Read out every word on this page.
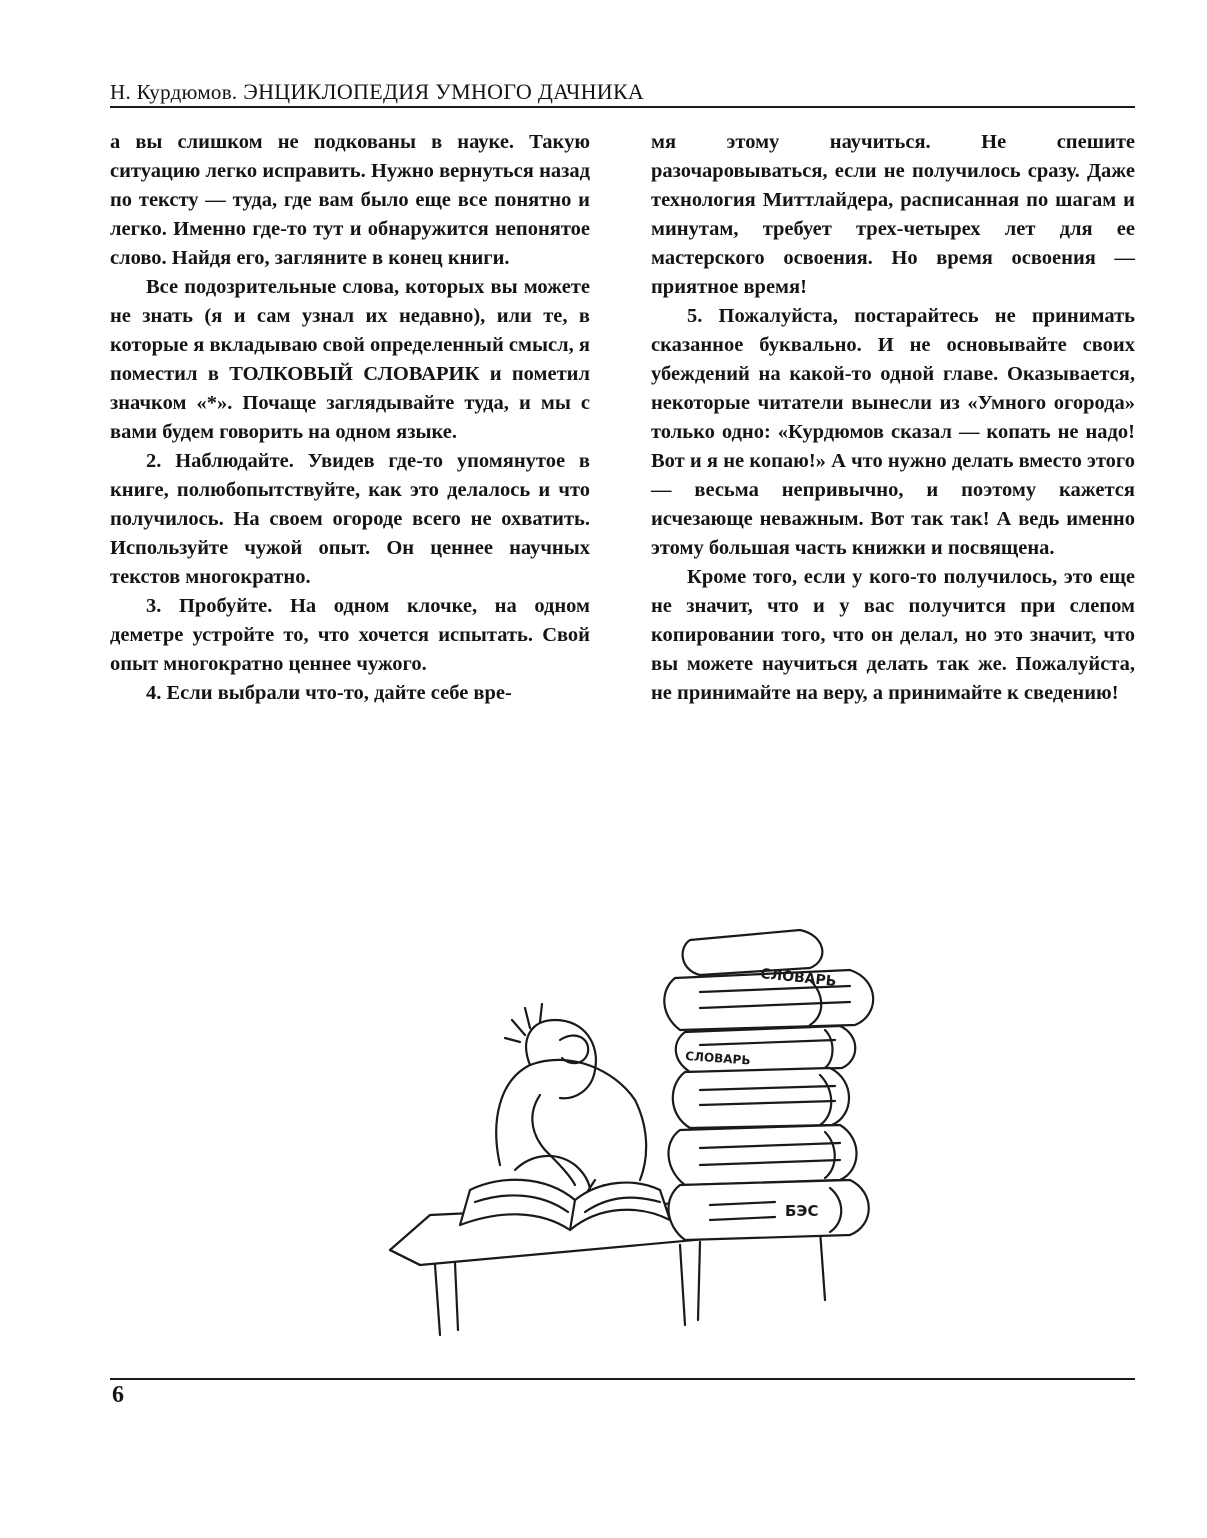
Н. Курдюмов. ЭНЦИКЛОПЕДИЯ УМНОГО ДАЧНИКА

а вы слишком не подкованы в науке. Такую ситуацию легко исправить. Нужно вернуться назад по тексту — туда, где вам было еще все понятно и легко. Именно где-то тут и обнаружится непонятое слово. Найдя его, загляните в конец книги.

Все подозрительные слова, которых вы можете не знать (я и сам узнал их недавно), или те, в которые я вкладываю свой определенный смысл, я поместил в ТОЛКОВЫЙ СЛОВАРИК и пометил значком «*». Почаще заглядывайте туда, и мы с вами будем говорить на одном языке.

2. Наблюдайте. Увидев где-то упомянутое в книге, полюбопытствуйте, как это делалось и что получилось. На своем огороде всего не охватить. Используйте чужой опыт. Он ценнее научных текстов многократно.

3. Пробуйте. На одном клочке, на одном деметре устройте то, что хочется испытать. Свой опыт многократно ценнее чужого.

4. Если выбрали что-то, дайте себе вре-

мя этому научиться. Не спешите разочаровываться, если не получилось сразу. Даже технология Миттлайдера, расписанная по шагам и минутам, требует трех-четырех лет для ее мастерского освоения. Но время освоения — приятное время!

5. Пожалуйста, постарайтесь не принимать сказанное буквально. И не основывайте своих убеждений на какой-то одной главе. Оказывается, некоторые читатели вынесли из «Умного огорода» только одно: «Курдюмов сказал — копать не надо! Вот и я не копаю!» А что нужно делать вместо этого — весьма непривычно, и поэтому кажется исчезающе неважным. Вот так так! А ведь именно этому большая часть книжки и посвящена.

Кроме того, если у кого-то получилось, это еще не значит, что и у вас получится при слепом копировании того, что он делал, но это значит, что вы можете научиться делать так же. Пожалуйста, не принимайте на веру, а принимайте к сведению!

СЛОВАРЬ
СЛОВАРЬ
БЭС
6
